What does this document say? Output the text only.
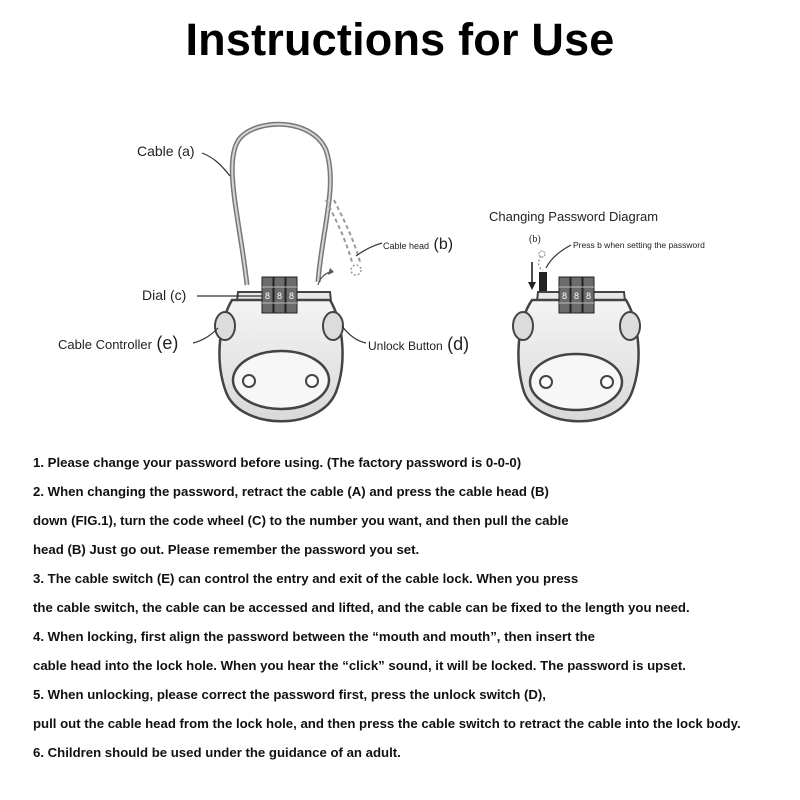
Instructions for Use
8 8 8	8 8 8
Cable (a)
Cable head (b)
Dial (c)
Cable Controller (e)	Unlock Button (d)
Changing Password Diagram
(b)	Press b when setting the password
1. Please change your password before using. (The factory password is 0-0-0)
2. When changing the password, retract the cable (A) and press the cable head (B)
down (FIG.1), turn the code wheel (C) to the number you want, and then pull the cable
head (B) Just go out. Please remember the password you set.
3. The cable switch (E) can control the entry and exit of the cable lock. When you press
the cable switch, the cable can be accessed and lifted, and the cable can be fixed to the length you need.
4. When locking, first align the password between the “mouth and mouth”, then insert the
cable head into the lock hole. When you hear the “click” sound, it will be locked. The password is upset.
5. When unlocking, please correct the password first, press the unlock switch (D),
pull out the cable head from the lock hole, and then press the cable switch to retract the cable into the lock body.
6. Children should be used under the guidance of an adult.
